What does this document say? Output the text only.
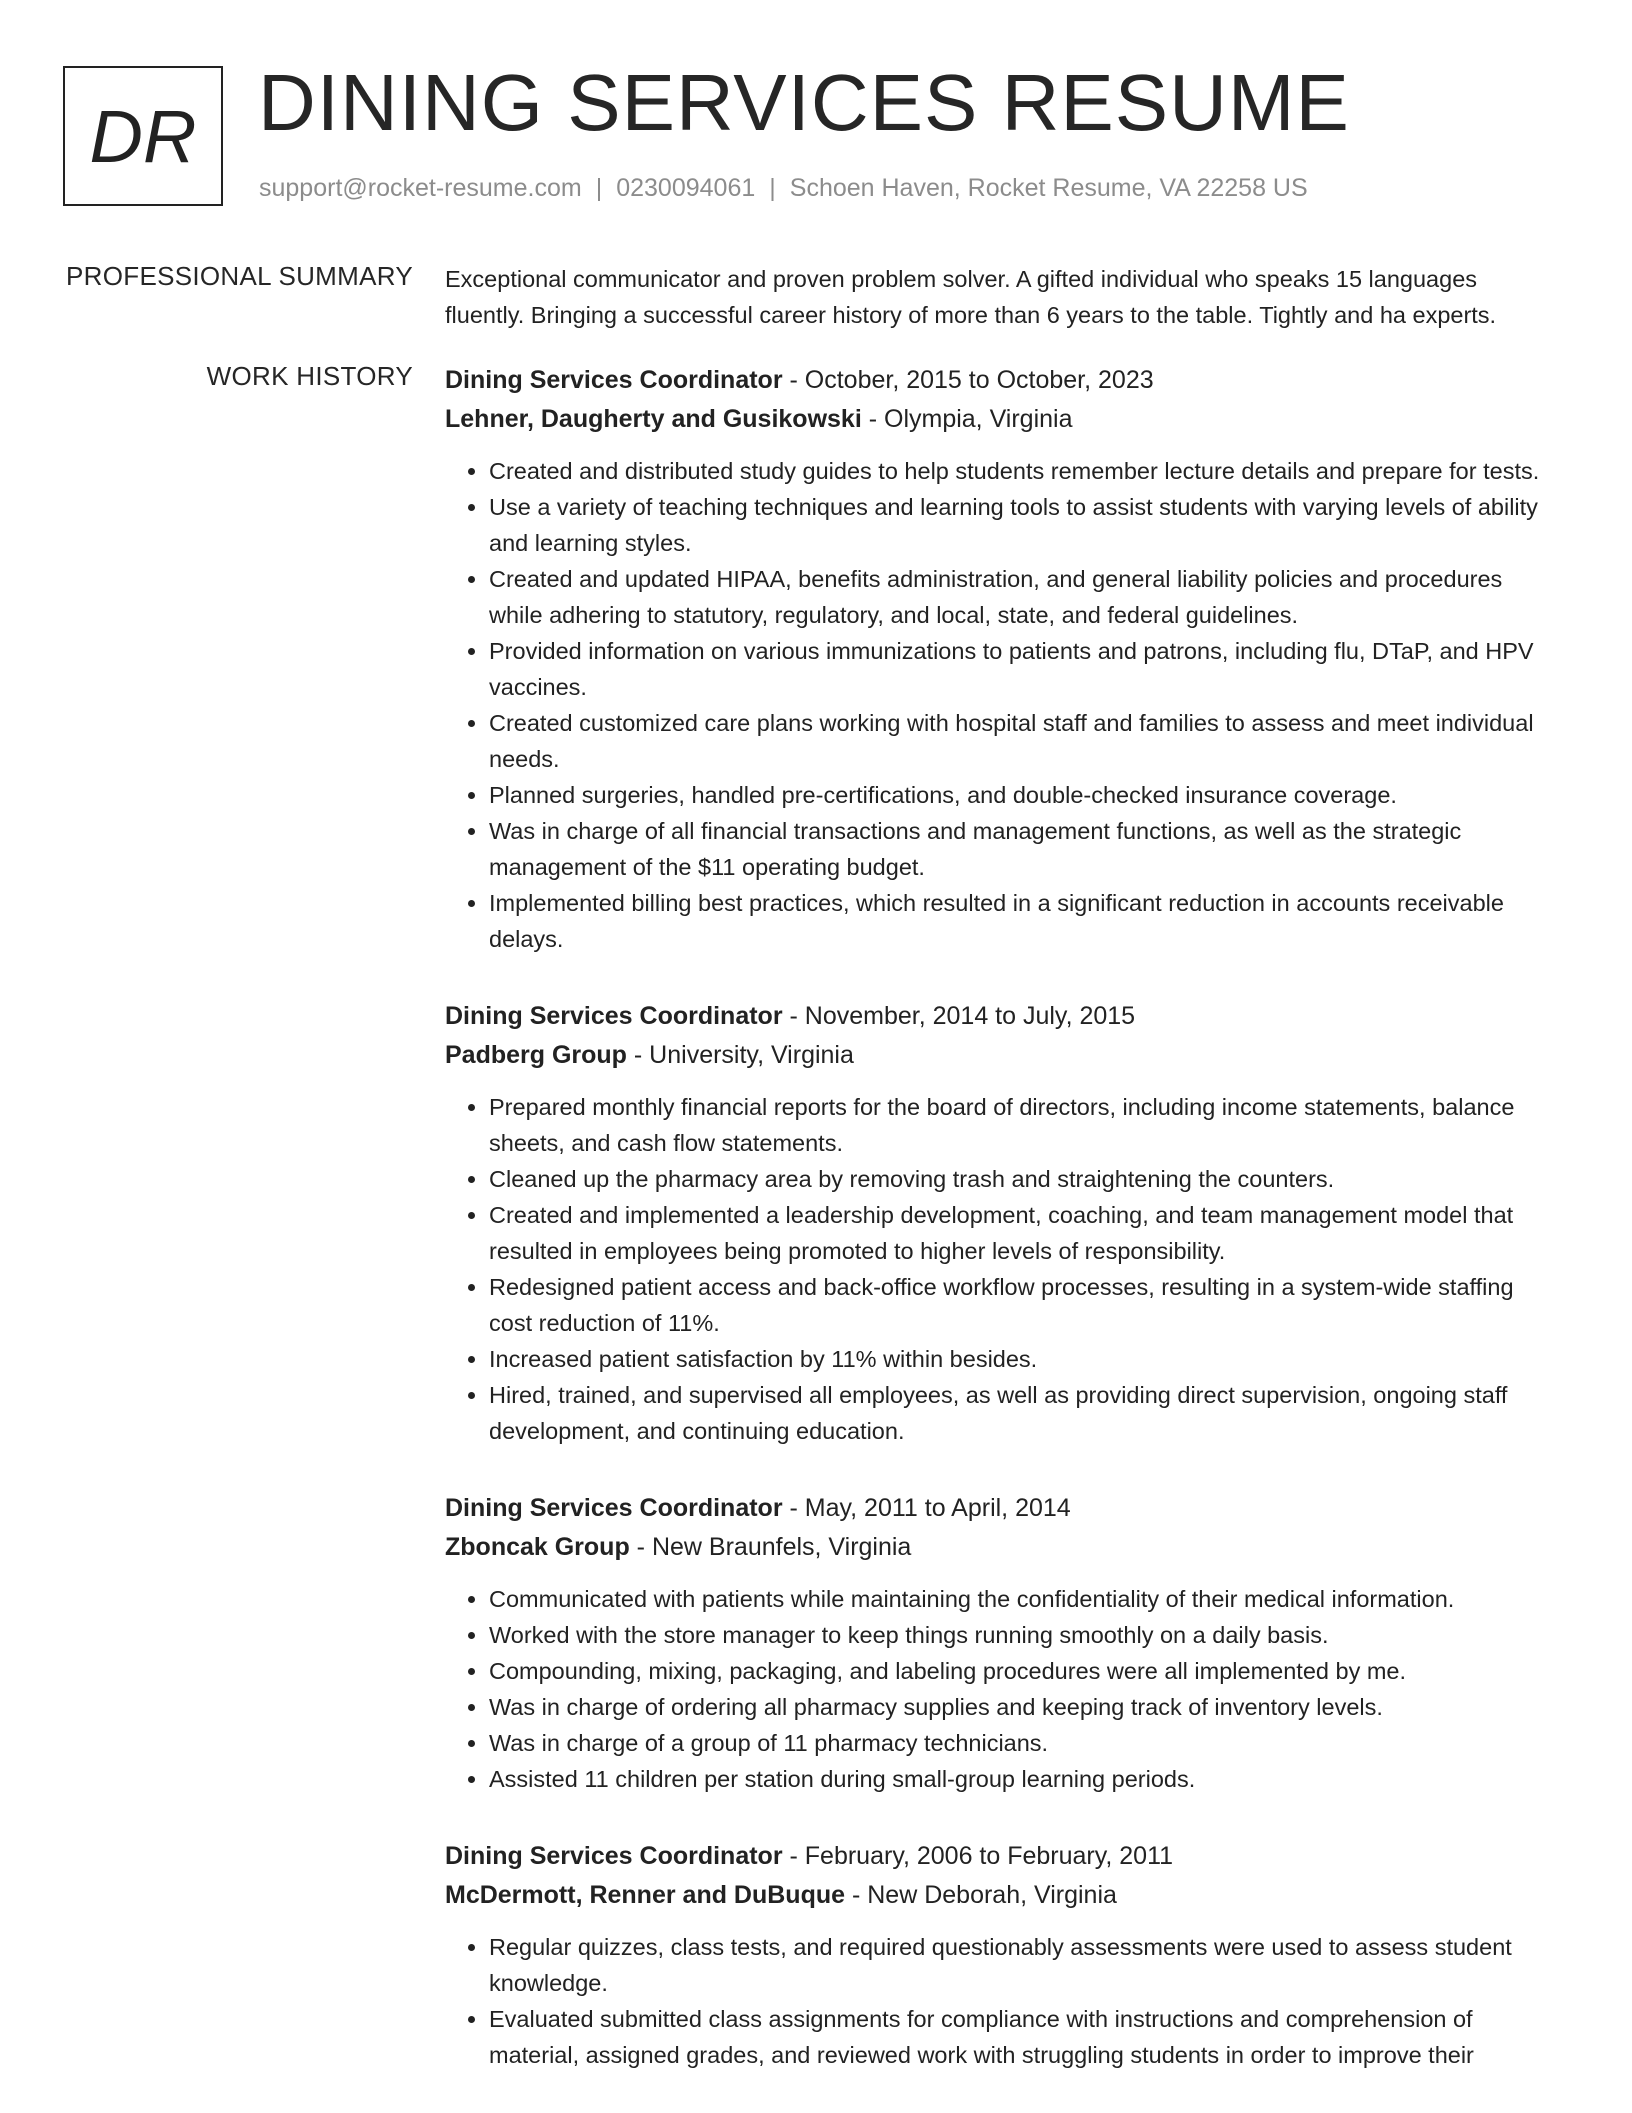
DR DINING SERVICES RESUME
support@rocket-resume.com | 0230094061 | Schoen Haven, Rocket Resume, VA 22258 US
PROFESSIONAL SUMMARY Exceptional communicator and proven problem solver. A gifted individual who speaks 15 languages fluently. Bringing a successful career history of more than 6 years to the table. Tightly and ha experts.

WORK HISTORY Dining Services Coordinator - October, 2015 to October, 2023
Lehner, Daugherty and Gusikowski - Olympia, Virginia
• Created and distributed study guides to help students remember lecture details and prepare for tests.
• Use a variety of teaching techniques and learning tools to assist students with varying levels of ability and learning styles.
• Created and updated HIPAA, benefits administration, and general liability policies and procedures while adhering to statutory, regulatory, and local, state, and federal guidelines.
• Provided information on various immunizations to patients and patrons, including flu, DTaP, and HPV vaccines.
• Created customized care plans working with hospital staff and families to assess and meet individual needs.
• Planned surgeries, handled pre-certifications, and double-checked insurance coverage.
• Was in charge of all financial transactions and management functions, as well as the strategic management of the $11 operating budget.
• Implemented billing best practices, which resulted in a significant reduction in accounts receivable delays.
Dining Services Coordinator - November, 2014 to July, 2015
Padberg Group - University, Virginia
• Prepared monthly financial reports for the board of directors, including income statements, balance sheets, and cash flow statements.
• Cleaned up the pharmacy area by removing trash and straightening the counters.
• Created and implemented a leadership development, coaching, and team management model that resulted in employees being promoted to higher levels of responsibility.
• Redesigned patient access and back-office workflow processes, resulting in a system-wide staffing cost reduction of 11%.
• Increased patient satisfaction by 11% within besides.
• Hired, trained, and supervised all employees, as well as providing direct supervision, ongoing staff development, and continuing education.
Dining Services Coordinator - May, 2011 to April, 2014
Zboncak Group - New Braunfels, Virginia
• Communicated with patients while maintaining the confidentiality of their medical information.
• Worked with the store manager to keep things running smoothly on a daily basis.
• Compounding, mixing, packaging, and labeling procedures were all implemented by me.
• Was in charge of ordering all pharmacy supplies and keeping track of inventory levels.
• Was in charge of a group of 11 pharmacy technicians.
• Assisted 11 children per station during small-group learning periods.
Dining Services Coordinator - February, 2006 to February, 2011
McDermott, Renner and DuBuque - New Deborah, Virginia
• Regular quizzes, class tests, and required questionably assessments were used to assess student knowledge.
• Evaluated submitted class assignments for compliance with instructions and comprehension of material, assigned grades, and reviewed work with struggling students in order to improve their
